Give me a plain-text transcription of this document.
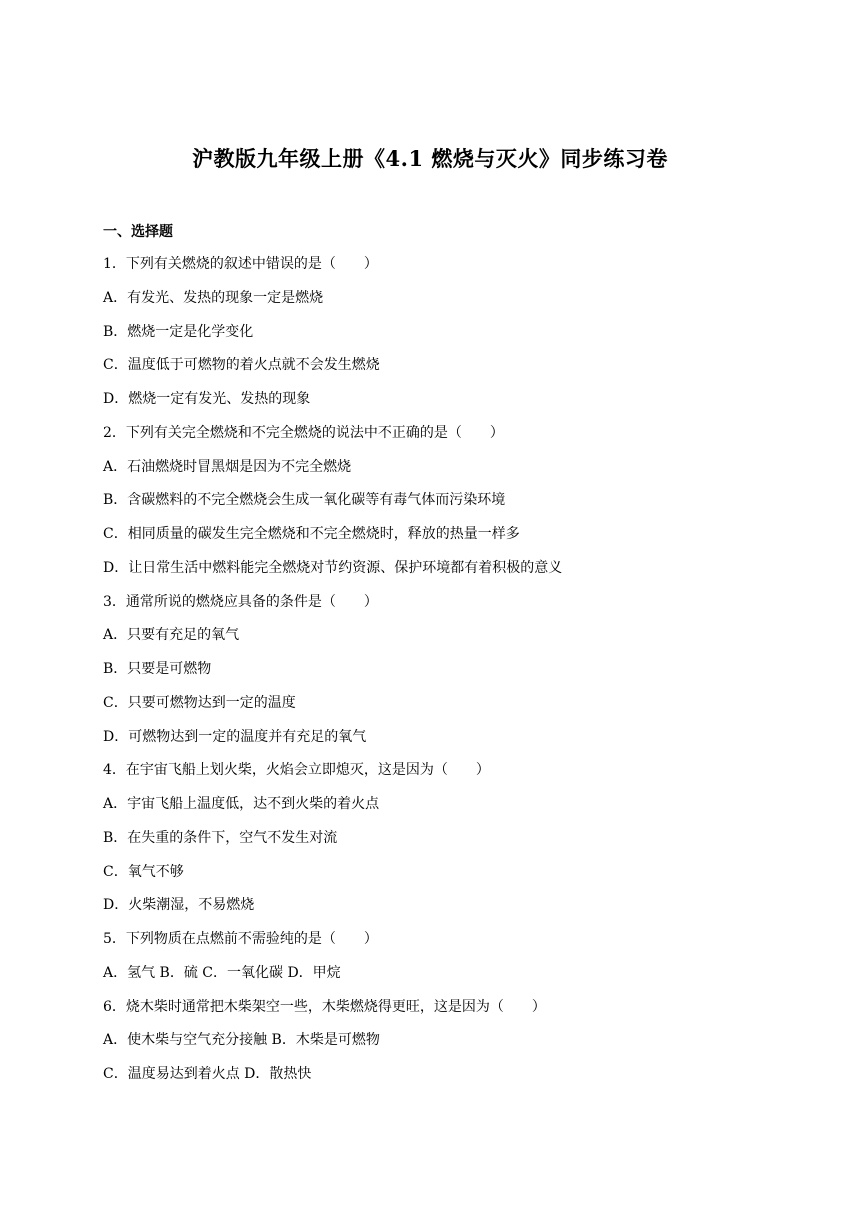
沪教版九年级上册《4.1 燃烧与灭火》同步练习卷
一、选择题
1．下列有关燃烧的叙述中错误的是（　　）
A．有发光、发热的现象一定是燃烧
B．燃烧一定是化学变化
C．温度低于可燃物的着火点就不会发生燃烧
D．燃烧一定有发光、发热的现象
2．下列有关完全燃烧和不完全燃烧的说法中不正确的是（　　）
A．石油燃烧时冒黑烟是因为不完全燃烧
B．含碳燃料的不完全燃烧会生成一氧化碳等有毒气体而污染环境
C．相同质量的碳发生完全燃烧和不完全燃烧时，释放的热量一样多
D．让日常生活中燃料能完全燃烧对节约资源、保护环境都有着积极的意义
3．通常所说的燃烧应具备的条件是（　　）
A．只要有充足的氧气
B．只要是可燃物
C．只要可燃物达到一定的温度
D．可燃物达到一定的温度并有充足的氧气
4．在宇宙飞船上划火柴，火焰会立即熄灭，这是因为（　　）
A．宇宙飞船上温度低，达不到火柴的着火点
B．在失重的条件下，空气不发生对流
C．氧气不够
D．火柴潮湿，不易燃烧
5．下列物质在点燃前不需验纯的是（　　）
A．氢气 B．硫 C．一氧化碳 D．甲烷
6．烧木柴时通常把木柴架空一些，木柴燃烧得更旺，这是因为（　　）
A．使木柴与空气充分接触 B．木柴是可燃物
C．温度易达到着火点 D．散热快
